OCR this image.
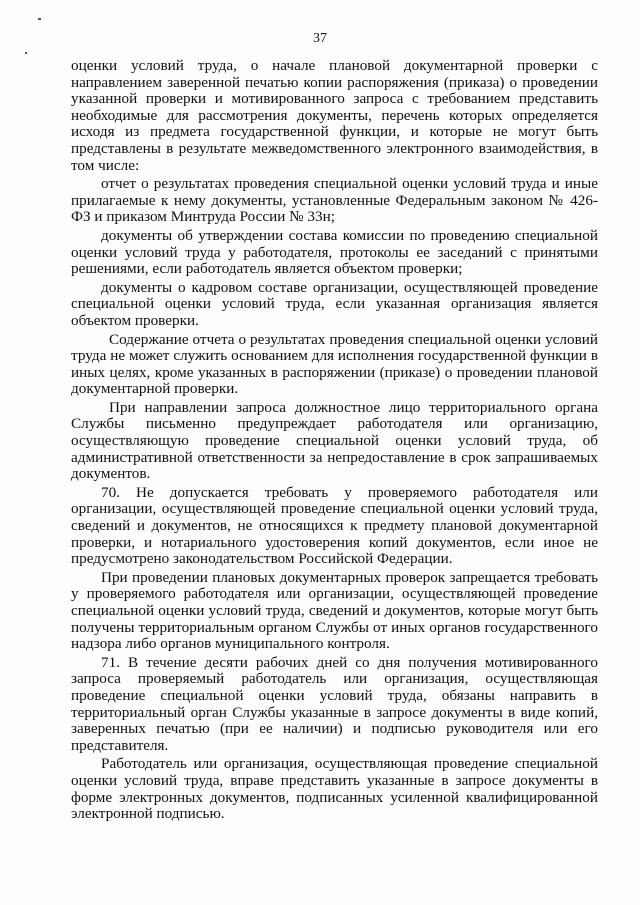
37

оценки условий труда, о начале плановой документарной проверки с направлением заверенной печатью копии распоряжения (приказа) о проведении указанной проверки и мотивированного запроса с требованием представить необходимые для рассмотрения документы, перечень которых определяется исходя из предмета государственной функции, и которые не могут быть представлены в результате межведомственного электронного взаимодействия, в том числе:

отчет о результатах проведения специальной оценки условий труда и иные прилагаемые к нему документы, установленные Федеральным законом № 426-ФЗ и приказом Минтруда России № 33н;

документы об утверждении состава комиссии по проведению специальной оценки условий труда у работодателя, протоколы ее заседаний с принятыми решениями, если работодатель является объектом проверки;

документы о кадровом составе организации, осуществляющей проведение специальной оценки условий труда, если указанная организация является объектом проверки.

Содержание отчета о результатах проведения специальной оценки условий труда не может служить основанием для исполнения государственной функции в иных целях, кроме указанных в распоряжении (приказе) о проведении плановой документарной проверки.

При направлении запроса должностное лицо территориального органа Службы письменно предупреждает работодателя или организацию, осуществляющую проведение специальной оценки условий труда, об административной ответственности за непредоставление в срок запрашиваемых документов.

70. Не допускается требовать у проверяемого работодателя или организации, осуществляющей проведение специальной оценки условий труда, сведений и документов, не относящихся к предмету плановой документарной проверки, и нотариального удостоверения копий документов, если иное не предусмотрено законодательством Российской Федерации.

При проведении плановых документарных проверок запрещается требовать у проверяемого работодателя или организации, осуществляющей проведение специальной оценки условий труда, сведений и документов, которые могут быть получены территориальным органом Службы от иных органов государственного надзора либо органов муниципального контроля.

71. В течение десяти рабочих дней со дня получения мотивированного запроса проверяемый работодатель или организация, осуществляющая проведение специальной оценки условий труда, обязаны направить в территориальный орган Службы указанные в запросе документы в виде копий, заверенных печатью (при ее наличии) и подписью руководителя или его представителя.

Работодатель или организация, осуществляющая проведение специальной оценки условий труда, вправе представить указанные в запросе документы в форме электронных документов, подписанных усиленной квалифицированной электронной подписью.
